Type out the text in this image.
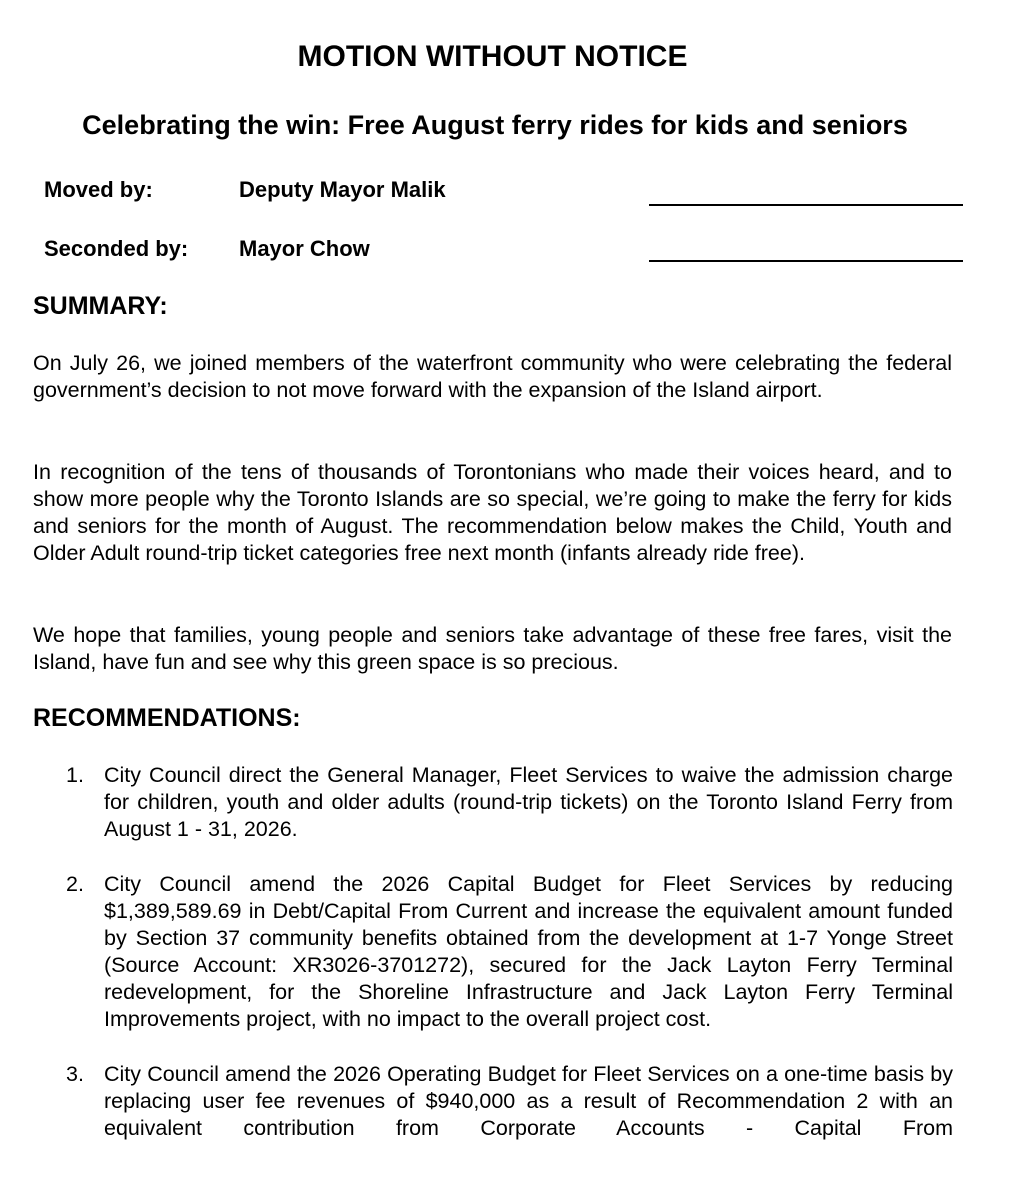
MOTION WITHOUT NOTICE
Celebrating the win: Free August ferry rides for kids and seniors
Moved by:	Deputy Mayor Malik
Seconded by: Mayor Chow
SUMMARY:
On July 26, we joined members of the waterfront community who were celebrating the federal government’s decision to not move forward with the expansion of the Island airport.
In recognition of the tens of thousands of Torontonians who made their voices heard, and to show more people why the Toronto Islands are so special, we’re going to make the ferry for kids and seniors for the month of August. The recommendation below makes the Child, Youth and Older Adult round-trip ticket categories free next month (infants already ride free).
We hope that families, young people and seniors take advantage of these free fares, visit the Island, have fun and see why this green space is so precious.
RECOMMENDATIONS:
1. City Council direct the General Manager, Fleet Services to waive the admission charge for children, youth and older adults (round-trip tickets) on the Toronto Island Ferry from August 1 - 31, 2026.
2. City Council amend the 2026 Capital Budget for Fleet Services by reducing $1,389,589.69 in Debt/Capital From Current and increase the equivalent amount funded by Section 37 community benefits obtained from the development at 1-7 Yonge Street (Source Account: XR3026-3701272), secured for the Jack Layton Ferry Terminal redevelopment, for the Shoreline Infrastructure and Jack Layton Ferry Terminal Improvements project, with no impact to the overall project cost.
3. City Council amend the 2026 Operating Budget for Fleet Services on a one-time basis by replacing user fee revenues of $940,000 as a result of Recommendation 2 with an equivalent contribution from Corporate Accounts - Capital From
